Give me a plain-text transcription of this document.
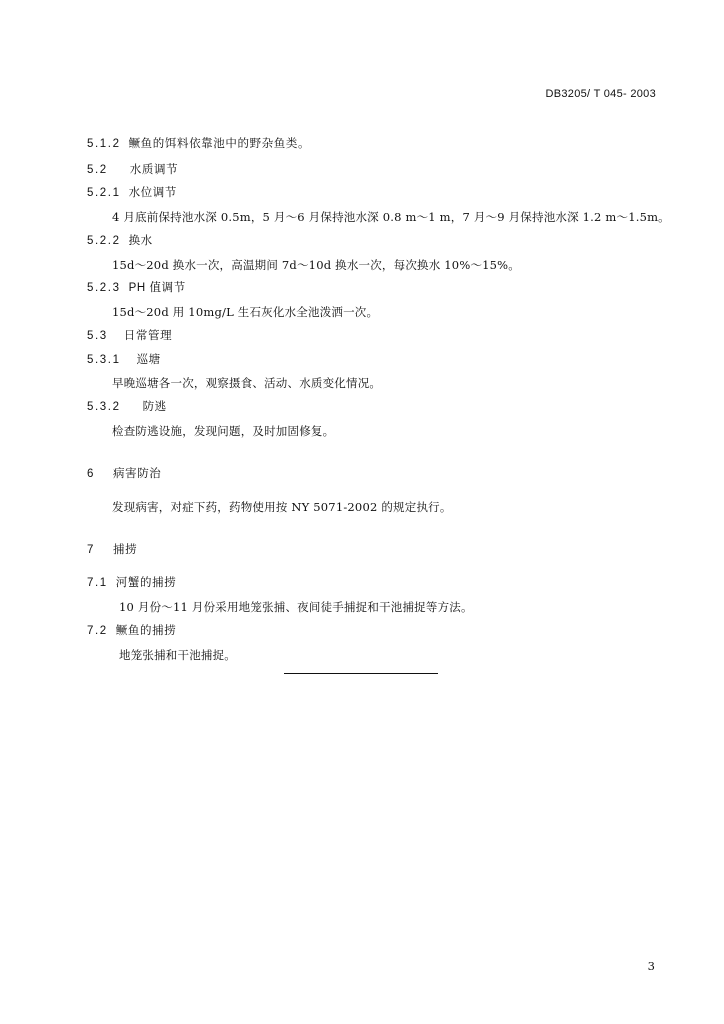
DB3205/ T 045- 2003
5.1.2 鳜鱼的饵料依靠池中的野杂鱼类。
5.2 水质调节
5.2.1 水位调节
4 月底前保持池水深 0.5m，5 月～6 月保持池水深 0.8 m～1 m，7 月～9 月保持池水深 1.2 m～1.5m。
5.2.2 换水
15d～20d 换水一次，高温期间 7d～10d 换水一次，每次换水 10%～15%。
5.2.3 PH 值调节
15d～20d 用 10mg/L 生石灰化水全池泼洒一次。
5.3 日常管理
5.3.1 巡塘
早晚巡塘各一次，观察摄食、活动、水质变化情况。
5.3.2 防逃
检查防逃设施，发现问题，及时加固修复。
6 病害防治
发现病害，对症下药，药物使用按 NY 5071-2002 的规定执行。
7 捕捞
7.1 河蟹的捕捞
10 月份～11 月份采用地笼张捕、夜间徒手捕捉和干池捕捉等方法。
7.2 鳜鱼的捕捞
地笼张捕和干池捕捉。
3
